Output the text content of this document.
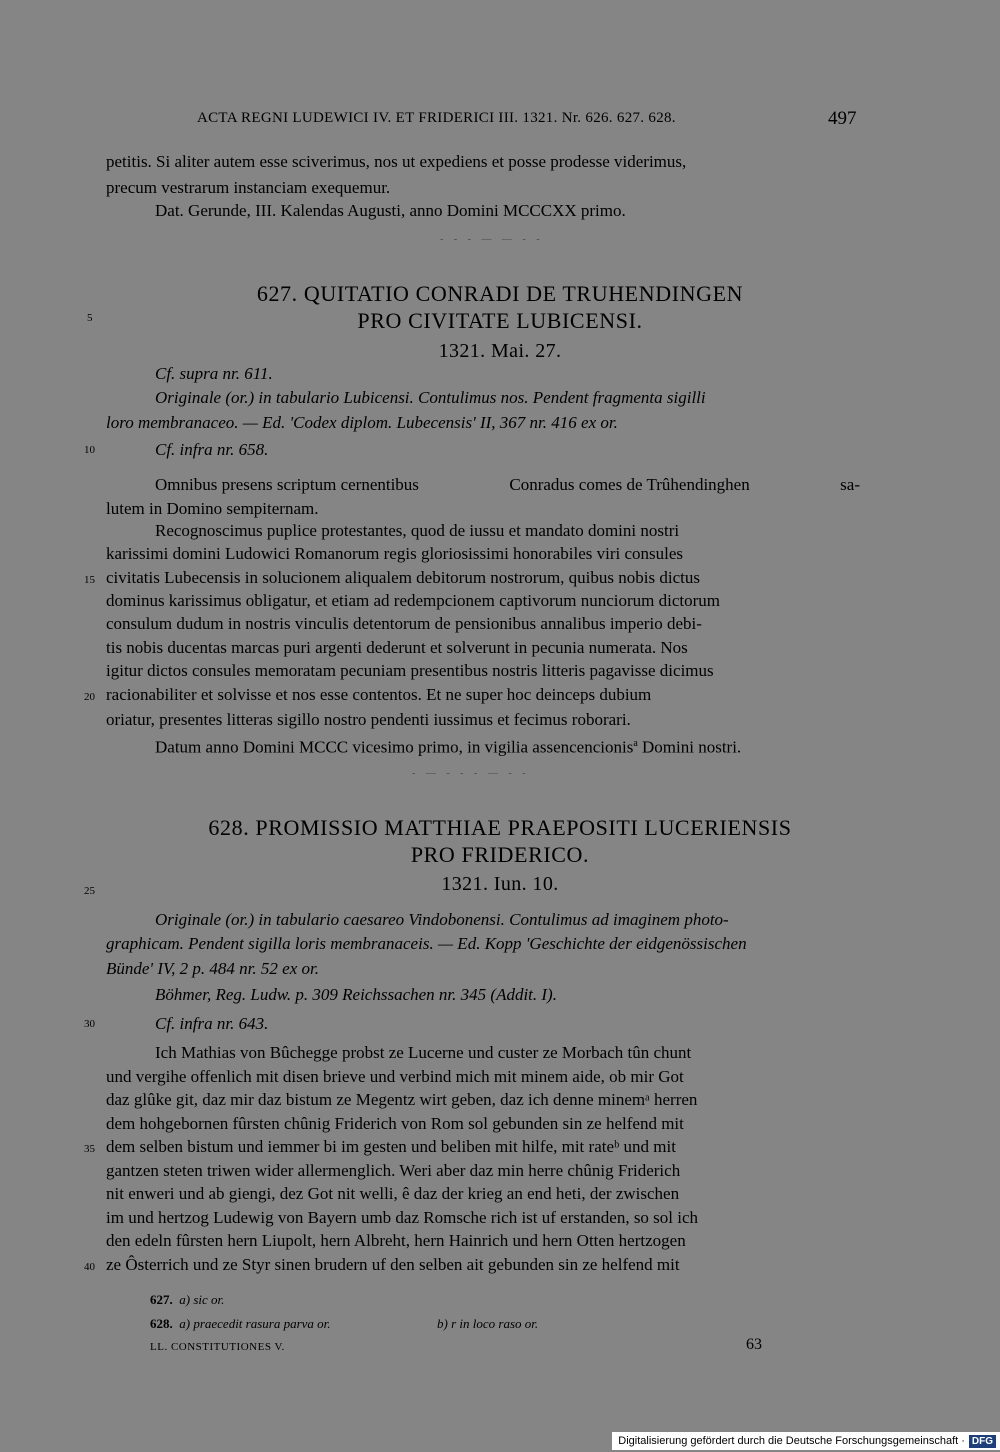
ACTA REGNI LUDEWICI IV. ET FRIDERICI III. 1321. Nr. 626. 627. 628.	497
petitis. Si aliter autem esse sciverimus, nos ut expediens et posse prodesse viderimus,
precum vestrarum instanciam exequemur.
Dat. Gerunde, III. Kalendas Augusti, anno Domini MCCCXX primo.
- - - — — - -
627. QUITATIO CONRADI DE TRUHENDINGEN
PRO CIVITATE LUBICENSI.
1321. Mai. 27.
5
Cf. supra nr. 611.
Originale (or.) in tabulario Lubicensi. Contulimus nos. Pendent fragmenta sigilli
loro membranaceo. — Ed. 'Codex diplom. Lubecensis' II, 367 nr. 416 ex or.
10	Cf. infra nr. 658.
Omnibus presens scriptum cernentibus	Conradus comes de Trûhendinghen	sa-
lutem in Domino sempiternam.
Recognoscimus puplice protestantes, quod de iussu et mandato domini nostri
karissimi domini Ludowici Romanorum regis gloriosissimi honorabiles viri consules
15 civitatis Lubecensis in solucionem aliqualem debitorum nostrorum, quibus nobis dictus
dominus karissimus obligatur, et etiam ad redempcionem captivorum nunciorum dictorum
consulum dudum in nostris vinculis detentorum de pensionibus annalibus imperio debi-
tis nobis ducentas marcas puri argenti dederunt et solverunt in pecunia numerata. Nos
igitur dictos consules memoratam pecuniam presentibus nostris litteris pagavisse dicimus
20 racionabiliter et solvisse et nos esse contentos. Et ne super hoc deinceps dubium
oriatur, presentes litteras sigillo nostro pendenti iussimus et fecimus roborari.
Datum anno Domini MCCC vicesimo primo, in vigilia assencencionis$^a$ Domini nostri.
- — - - - — - -
628. PROMISSIO MATTHIAE PRAEPOSITI LUCERIENSIS
PRO FRIDERICO.
1321. Iun. 10.
25
Originale (or.) in tabulario caesareo Vindobonensi. Contulimus ad imaginem photo-
graphicam. Pendent sigilla loris membranaceis. — Ed. Kopp 'Geschichte der eidgenössischen
Bünde' IV, 2 p. 484 nr. 52 ex or.
Böhmer, Reg. Ludw. p. 309 Reichssachen nr. 345 (Addit. I).
30	Cf. infra nr. 643.
Ich Mathias von Bûchegge probst ze Lucerne und custer ze Morbach tûn chunt
und vergihe offenlich mit disen brieve und verbind mich mit minem aide, ob mir Got
daz glûke git, daz mir daz bistum ze Megentz wirt geben, daz ich denne minemᵃ herren
dem hohgebornen fûrsten chûnig Friderich von Rom sol gebunden sin ze helfend mit
35 dem selben bistum und iemmer bi im gesten und beliben mit hilfe, mit rateᵇ und mit
gantzen steten triwen wider allermenglich. Weri aber daz min herre chûnig Friderich
nit enweri und ab giengi, dez Got nit welli, ê daz der krieg an end heti, der zwischen
im und hertzog Ludewig von Bayern umb daz Romsche rich ist uf erstanden, so sol ich
den edeln fûrsten hern Liupolt, hern Albreht, hern Hainrich und hern Otten hertzogen
40 ze Ôsterrich und ze Styr sinen brudern uf den selben ait gebunden sin ze helfend mit
627. a) sic or.
628. a) praecedit rasura parva or.	b) r in loco raso or.
LL. CONSTITUTIONES V.	63
Digitalisierung gefördert durch die Deutsche Forschungsgemeinschaft · DFG
